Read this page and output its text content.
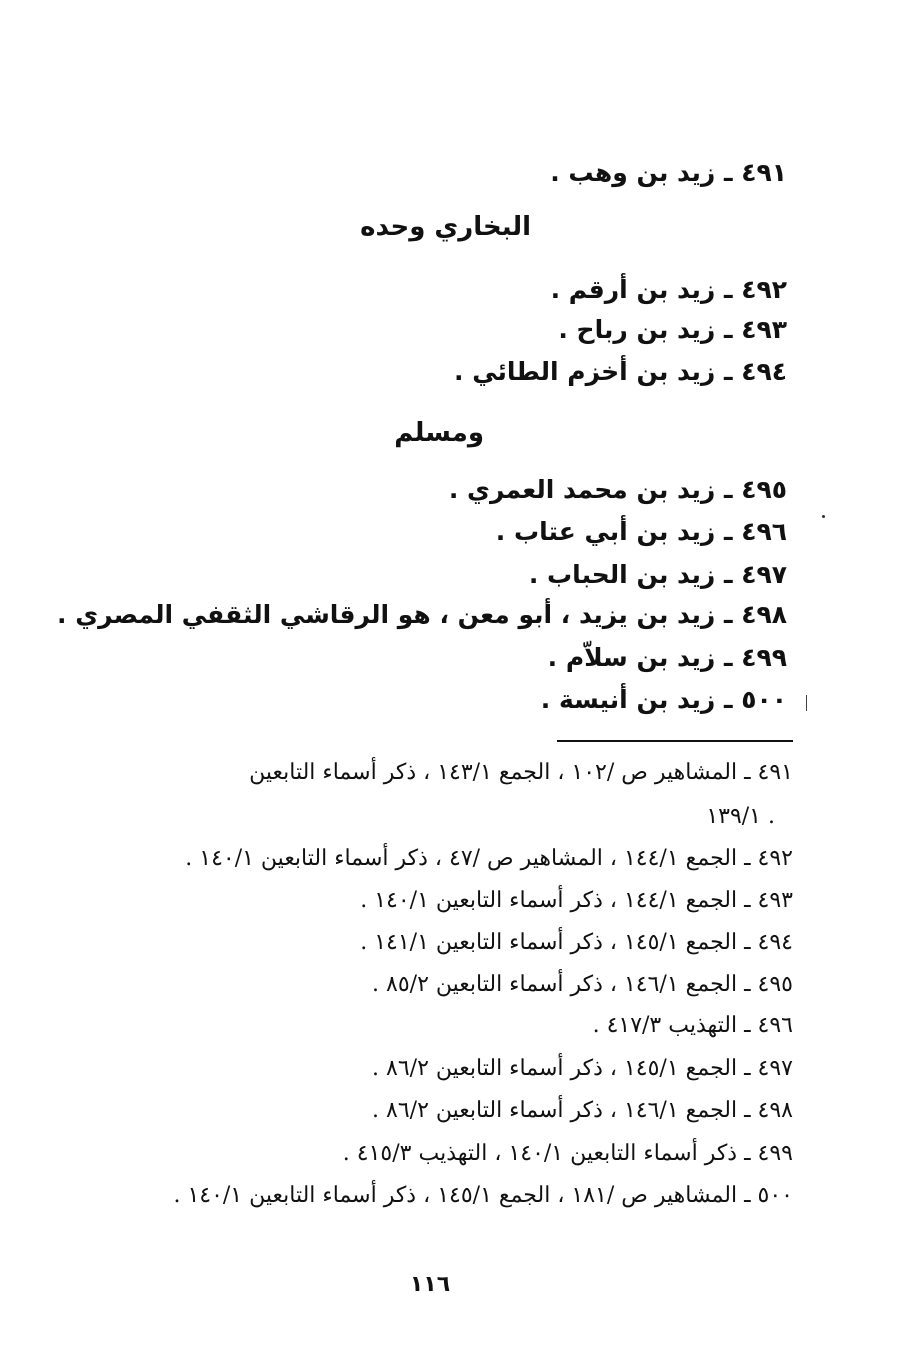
٤٩١ ـ زيد بن وهب .
البخاري وحده
٤٩٢ ـ زيد بن أرقم .
٤٩٣ ـ زيد بن رباح .
٤٩٤ ـ زيد بن أخزم الطائي .
ومسلم
٤٩٥ ـ زيد بن محمد العمري .
٤٩٦ ـ زيد بن أبي عتاب .
٤٩٧ ـ زيد بن الحباب .
٤٩٨ ـ زيد بن يزيد ، أبو معن ، هو الرقاشي الثقفي المصري .
٤٩٩ ـ زيد بن سلاّم .
٥٠٠ ـ زيد بن أنيسة .
٤٩١ ـ المشاهير ص /١٠٢ ، الجمع ١٤٣/١ ، ذكر أسماء التابعين
١٣٩/١ .
٤٩٢ ـ الجمع ١٤٤/١ ، المشاهير ص /٤٧ ، ذكر أسماء التابعين ١٤٠/١ .
٤٩٣ ـ الجمع ١٤٤/١ ، ذكر أسماء التابعين ١٤٠/١ .
٤٩٤ ـ الجمع ١٤٥/١ ، ذكر أسماء التابعين ١٤١/١ .
٤٩٥ ـ الجمع ١٤٦/١ ، ذكر أسماء التابعين ٨٥/٢ .
٤٩٦ ـ التهذيب ٤١٧/٣ .
٤٩٧ ـ الجمع ١٤٥/١ ، ذكر أسماء التابعين ٨٦/٢ .
٤٩٨ ـ الجمع ١٤٦/١ ، ذكر أسماء التابعين ٨٦/٢ .
٤٩٩ ـ ذكر أسماء التابعين ١٤٠/١ ، التهذيب ٤١٥/٣ .
٥٠٠ ـ المشاهير ص /١٨١ ، الجمع ١٤٥/١ ، ذكر أسماء التابعين ١٤٠/١ .
١١٦
